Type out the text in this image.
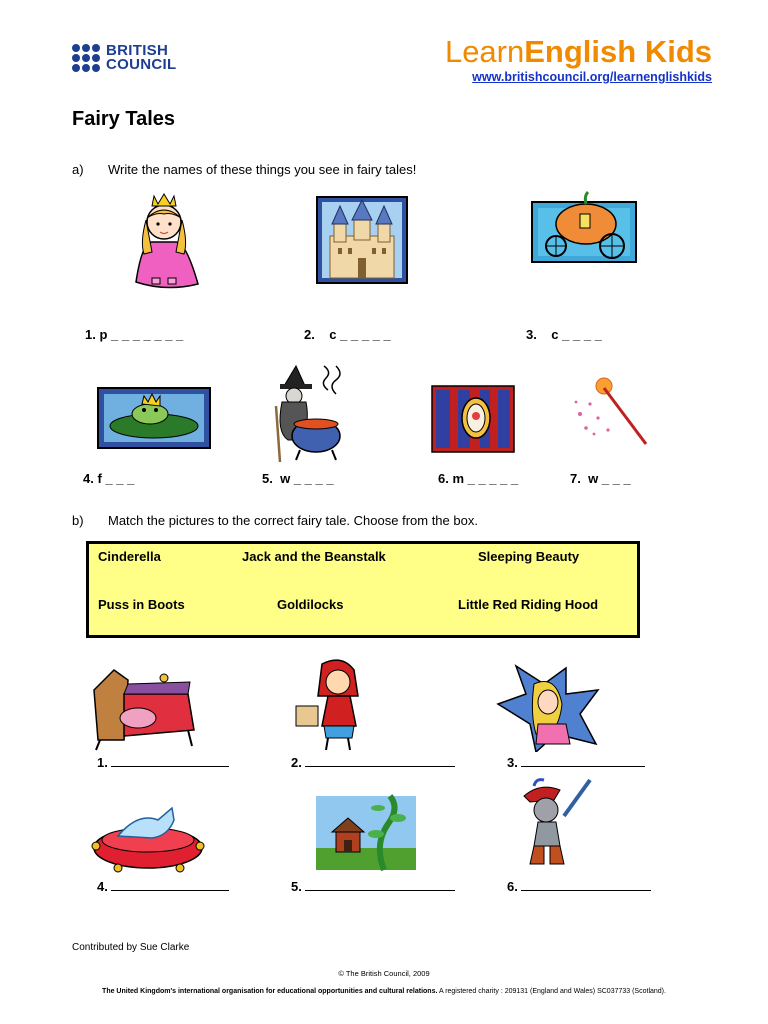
BRITISH
COUNCIL	LearnEnglish Kids
www.britishcouncil.org/learnenglishkids
Fairy Tales
a) Write the names of these things you see in fairy tales!
1. p _ _ _ _ _ _ _	2.    c _ _ _ _ _	3.    c _ _ _ _
4. f _ _ _	5.  w _ _ _ _	6. m _ _ _ _ _	7.  w _ _ _
b) Match the pictures to the correct fairy tale. Choose from the box.
Cinderella	Jack and the Beanstalk	Sleeping Beauty
Puss in Boots	Goldilocks	Little Red Riding Hood
1.	2.	3.
4.	5.	6.
Contributed by Sue Clarke
© The British Council, 2009
The United Kingdom's international organisation for educational opportunities and cultural relations. A registered charity : 209131 (England and Wales) SC037733 (Scotland).
